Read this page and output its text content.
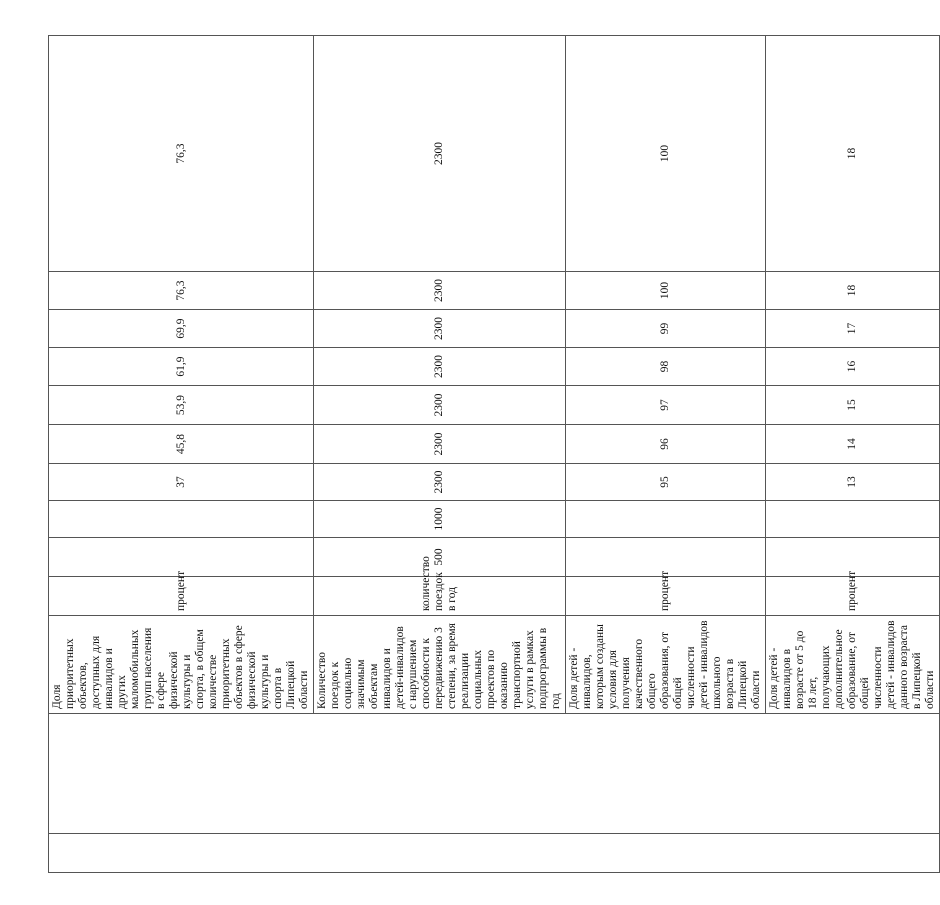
		Доля приоритетных объектов, доступных для инвалидов и других маломобильных групп населения в сфере физической культуры и спорта, в общем количестве приоритетных объектов в сфере физической культуры и спорта в Липецкой области	процент			37	45,8	53,9	61,9	69,9	76,3	76,3
		Количество поездок к социально значимым объектам инвалидов и детей-инвалидов с нарушением способности к передвижению 3 степени, за время реализации социальных проектов по оказанию транспортной услуги в рамках подпрограммы в год	количество поездок в год	500	1000	2300	2300	2300	2300	2300	2300	2300
		Доля детей - инвалидов, которым созданы условия для получения качественного общего образования, от общей численности детей - инвалидов школьного возраста в Липецкой области	процент			95	96	97	98	99	100	100
		Доля детей - инвалидов в возрасте от 5 до 18 лет, получающих дополнительное образование, от общей численности детей - инвалидов данного возраста в Липецкой области	процент			13	14	15	16	17	18	18
